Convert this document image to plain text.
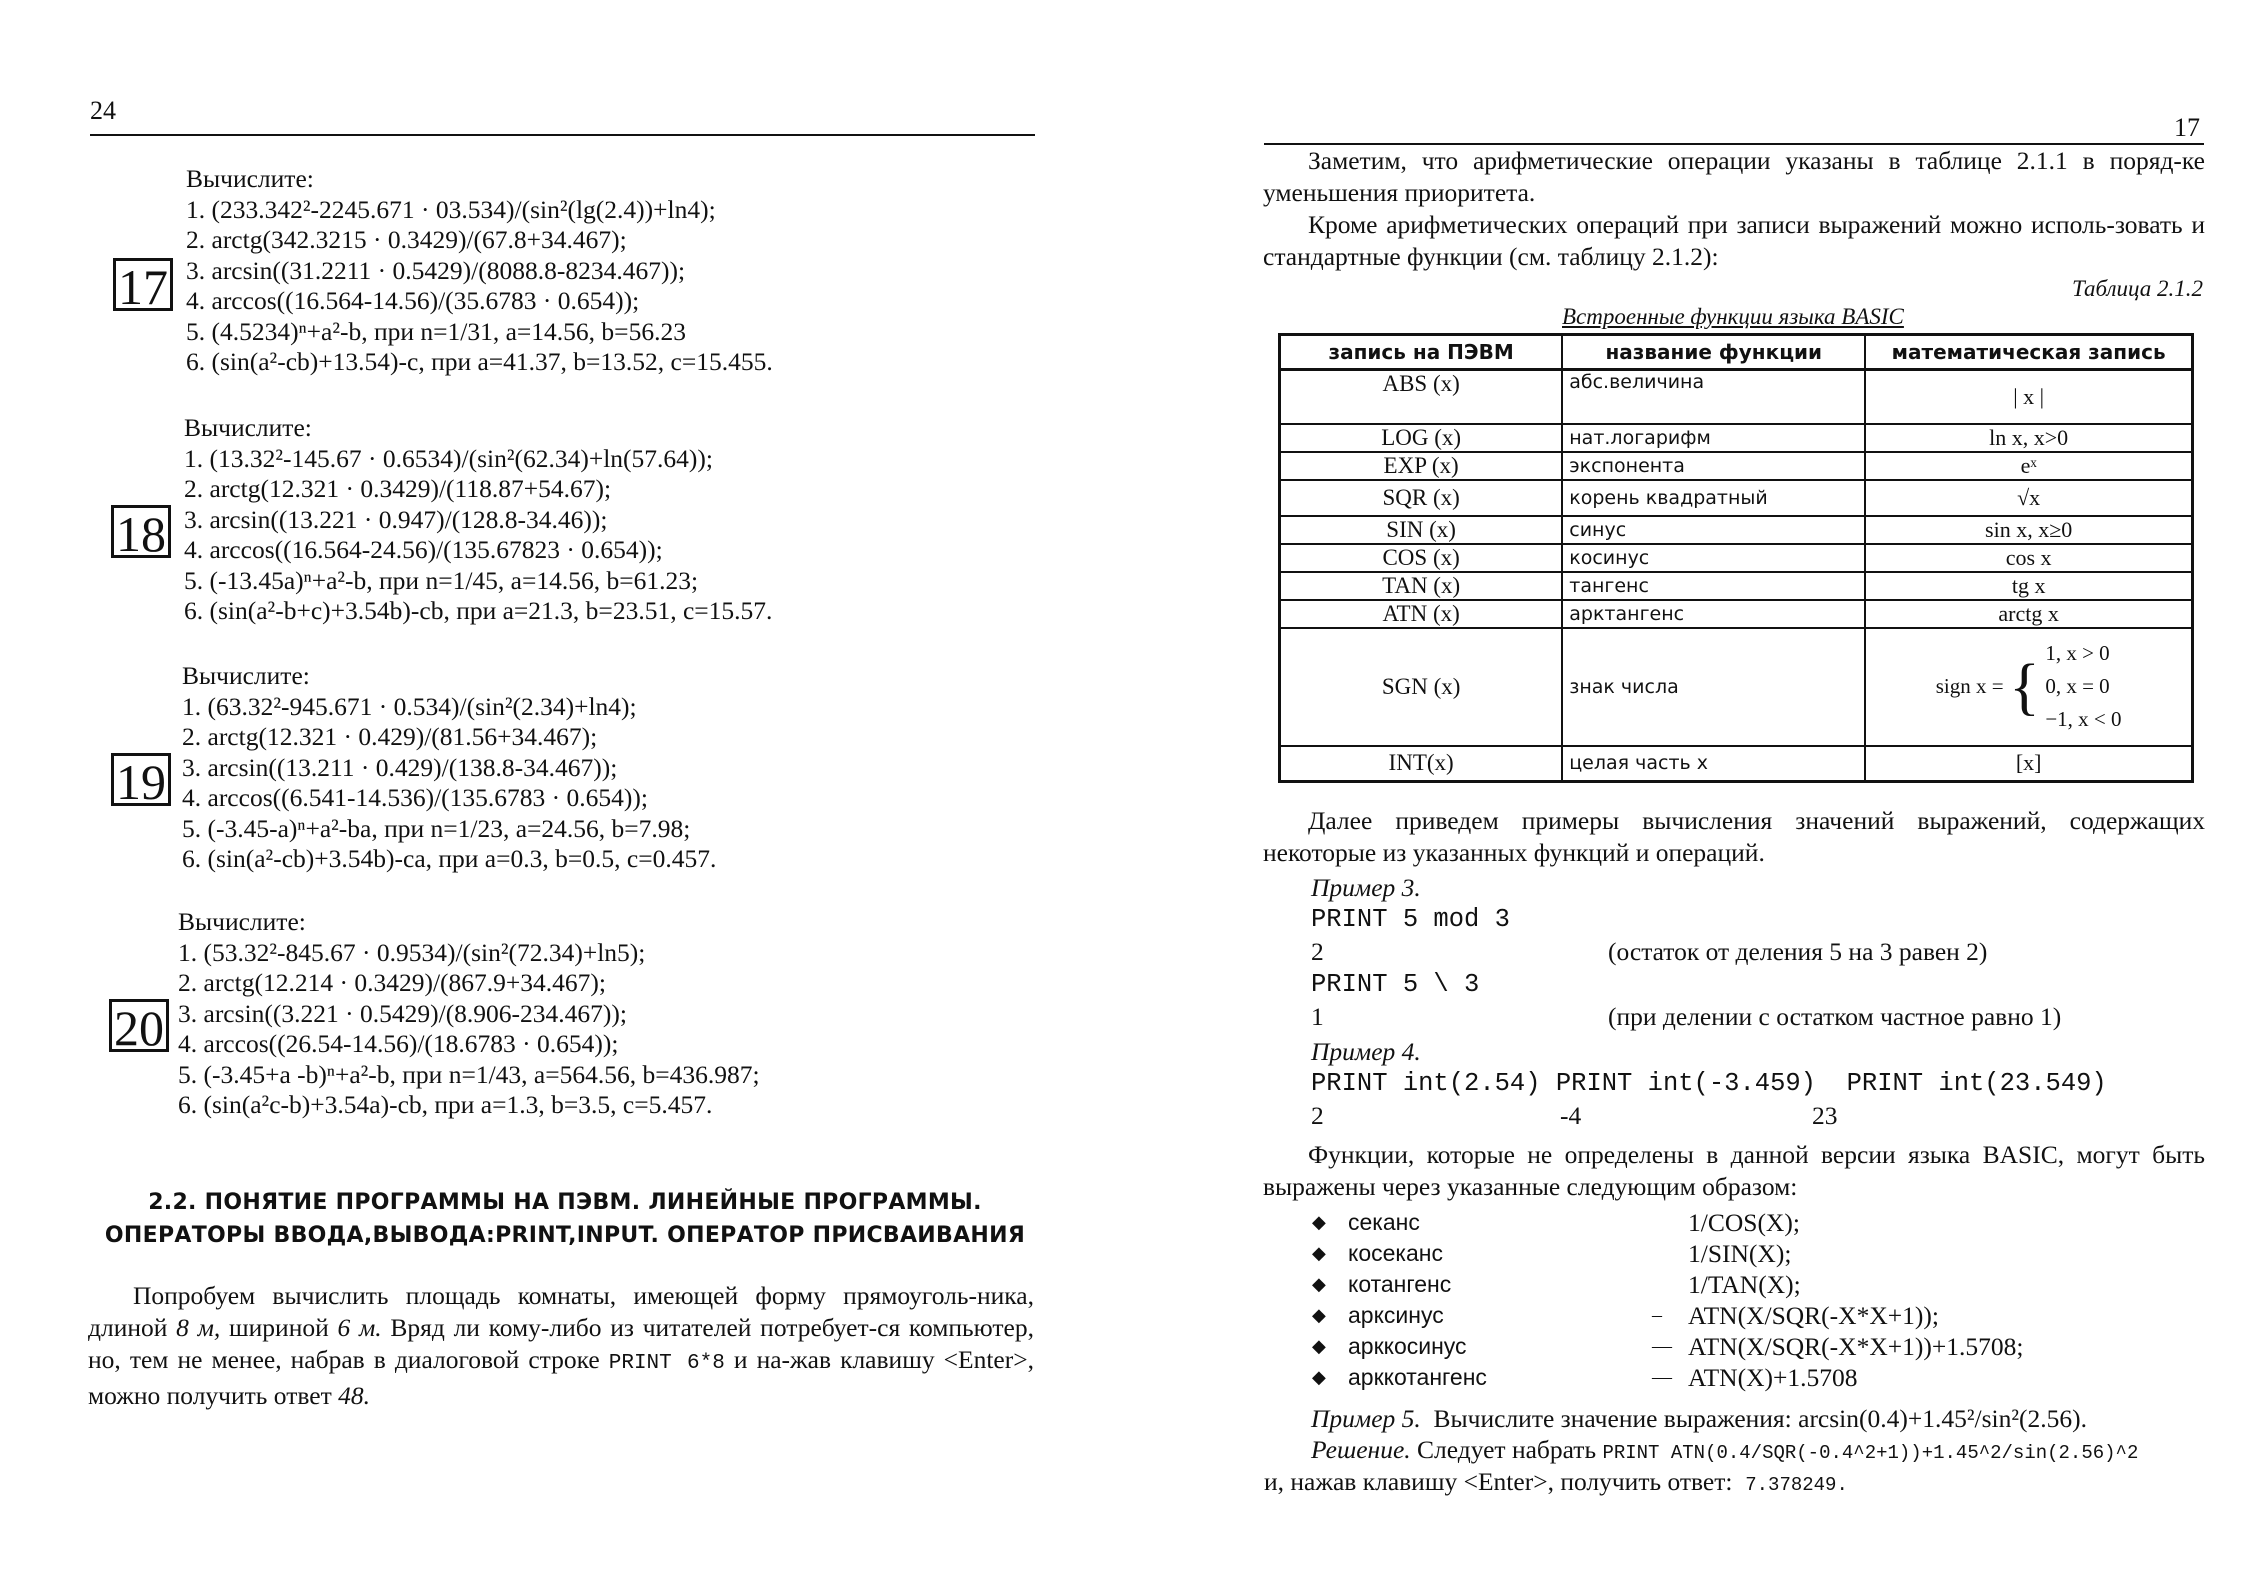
24
Вычислите:
1. (233.342²-2245.671 · 03.534)/(sin²(lg(2.4))+ln4);
2. arctg(342.3215 · 0.3429)/(67.8+34.467);
3. arcsin((31.2211 · 0.5429)/(8088.8-8234.467));
4. arccos((16.564-14.56)/(35.6783 · 0.654));
5. (4.5234)ⁿ+a²-b, при n=1/31, a=14.56, b=56.23
6. (sin(a²-cb)+13.54)-c, при a=41.37, b=13.52, c=15.455.
17
Вычислите:
1. (13.32²-145.67 · 0.6534)/(sin²(62.34)+ln(57.64));
2. arctg(12.321 · 0.3429)/(118.87+54.67);
3. arcsin((13.221 · 0.947)/(128.8-34.46));
4. arccos((16.564-24.56)/(135.67823 · 0.654));
5. (-13.45a)ⁿ+a²-b, при n=1/45, a=14.56, b=61.23;
6. (sin(a²-b+c)+3.54b)-cb, при a=21.3, b=23.51, c=15.57.
18
Вычислите:
1. (63.32²-945.671 · 0.534)/(sin²(2.34)+ln4);
2. arctg(12.321 · 0.429)/(81.56+34.467);
3. arcsin((13.211 · 0.429)/(138.8-34.467));
4. arccos((6.541-14.536)/(135.6783 · 0.654));
5. (-3.45-a)ⁿ+a²-ba, при n=1/23, a=24.56, b=7.98;
6. (sin(a²-cb)+3.54b)-ca, при a=0.3, b=0.5, c=0.457.
19
Вычислите:
1. (53.32²-845.67 · 0.9534)/(sin²(72.34)+ln5);
2. arctg(12.214 · 0.3429)/(867.9+34.467);
3. arcsin((3.221 · 0.5429)/(8.906-234.467));
4. arccos((26.54-14.56)/(18.6783 · 0.654));
5. (-3.45+a -b)ⁿ+a²-b, при n=1/43, a=564.56, b=436.987;
6. (sin(a²c-b)+3.54a)-cb, при a=1.3, b=3.5, c=5.457.
20
2.2. ПОНЯТИЕ ПРОГРАММЫ НА ПЭВМ. ЛИНЕЙНЫЕ ПРОГРАММЫ.
ОПЕРАТОРЫ ВВОДА,ВЫВОДА:PRINT,INPUT. ОПЕРАТОР ПРИСВАИВАНИЯ

Попробуем вычислить площадь комнаты, имеющей форму прямоуголь-ника, длиной 8 м, шириной 6 м. Вряд ли кому-либо из читателей потребует-ся компьютер, но, тем не менее, набрав в диалоговой строке PRINT 6*8 и на-жав клавишу <Enter>, можно получить ответ 48.

17

Заметим, что арифметические операции указаны в таблице 2.1.1 в поряд-ке уменьшения приоритета.

Кроме арифметических операций при записи выражений можно исполь-зовать и стандартные функции (см. таблицу 2.1.2):

Таблица 2.1.2
Встроенные функции языка BASIC
запись на ПЭВМ	название функции	математическая запись
ABS (x)	абс.величина	| x |
LOG (x)	нат.логарифм	ln x, x>0
EXP (x)	экспонента	eˣ
SQR (x)	корень квадратный	√x
SIN (x)	синус	sin x, x≥0
COS (x)	косинус	cos x
TAN (x)	тангенс	tg x
ATN (x)	арктангенс	arctg x
SGN (x)	знак числа	sign x = { 1, x > 0
0, x = 0
−1, x < 0

INT(x)	целая часть х	[x]

Далее приведем примеры вычисления значений выражений, содержащих некоторые из указанных функций и операций.

Пример 3.
PRINT 5 mod 3
2	(остаток от деления 5 на 3 равен 2)
PRINT 5 \ 3
1	(при делении с остатком частное равно 1)
Пример 4.
PRINT int(2.54) PRINT int(-3.459)  PRINT int(23.549)
2	-4	23

Функции, которые не определены в данной версии языка BASIC, могут быть выражены через указанные следующим образом:

◆ секанс	1/COS(X);
◆ косеканс	1/SIN(X);
◆ котангенс	1/TAN(X);
◆ арксинус	– ATN(X/SQR(-X*X+1));
◆ арккосинус	— ATN(X/SQR(-X*X+1))+1.5708;
◆ арккотангенс	— ATN(X)+1.5708
Пример 5. Вычислите значение выражения: arcsin(0.4)+1.45²/sin²(2.56).
Решение. Следует набрать PRINT ATN(0.4/SQR(-0.4^2+1))+1.45^2/sin(2.56)^2
и, нажав клавишу <Enter>, получить ответ: 7.378249.
